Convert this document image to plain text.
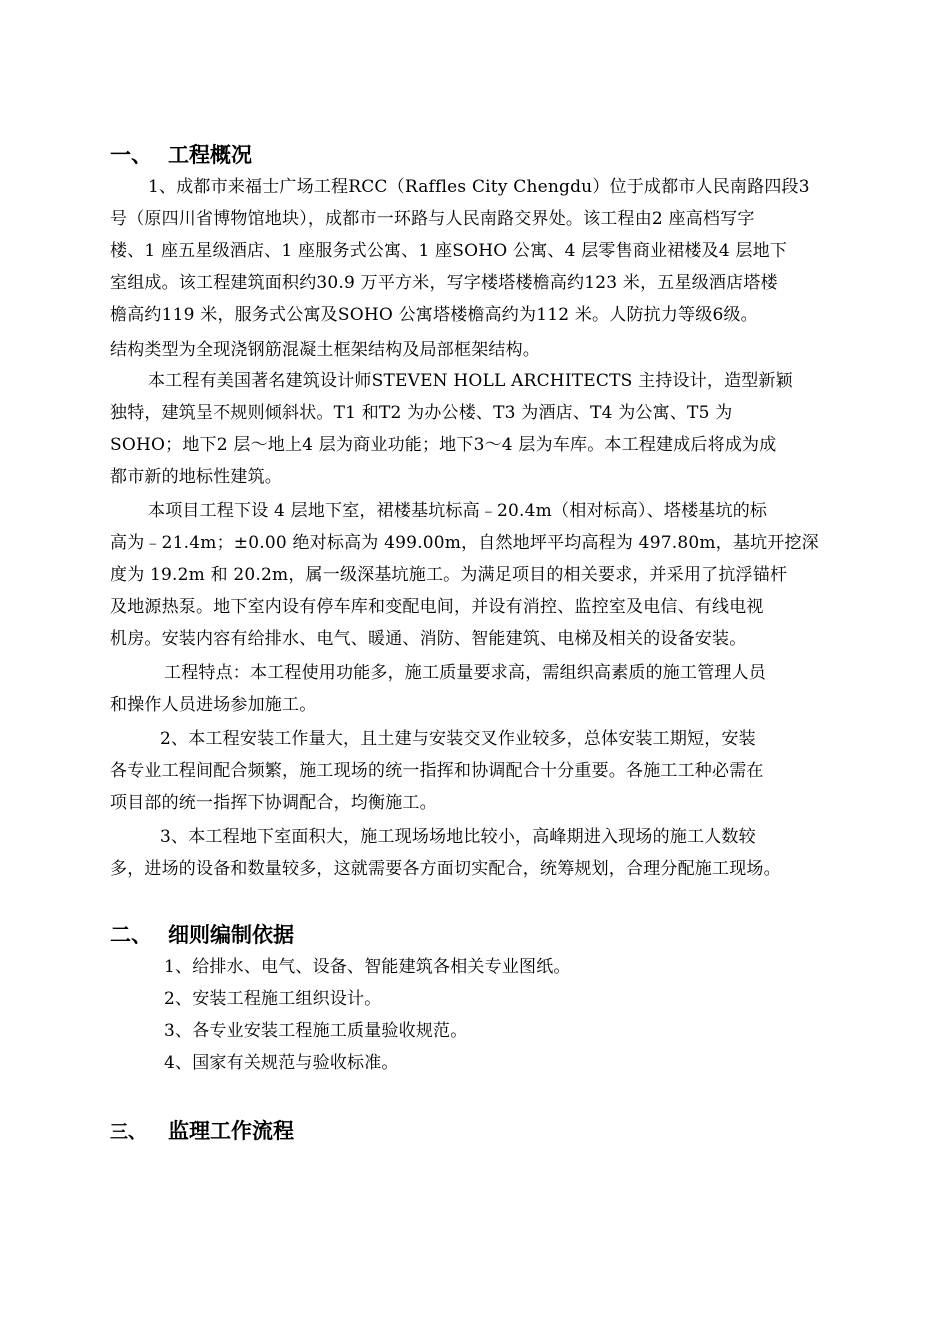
一、 工程概况
1、成都市来福士广场工程RCC（Raffles City Chengdu）位于成都市人民南路四段3
号（原四川省博物馆地块），成都市一环路与人民南路交界处。该工程由2 座高档写字
楼、1 座五星级酒店、1 座服务式公寓、1 座SOHO 公寓、4 层零售商业裙楼及4 层地下
室组成。该工程建筑面积约30.9 万平方米，写字楼塔楼檐高约123 米，五星级酒店塔楼
檐高约119 米，服务式公寓及SOHO 公寓塔楼檐高约为112 米。人防抗力等级6级。
结构类型为全现浇钢筋混凝土框架结构及局部框架结构。
本工程有美国著名建筑设计师STEVEN HOLL ARCHITECTS 主持设计，造型新颖
独特，建筑呈不规则倾斜状。T1 和T2 为办公楼、T3 为酒店、T4 为公寓、T5 为
SOHO；地下2 层～地上4 层为商业功能；地下3～4 层为车库。本工程建成后将成为成
都市新的地标性建筑。
本项目工程下设 4 层地下室，裙楼基坑标高﹣20.4m（相对标高）、塔楼基坑的标
高为﹣21.4m；±0.00 绝对标高为 499.00m，自然地坪平均高程为 497.80m，基坑开挖深
度为 19.2m 和 20.2m，属一级深基坑施工。为满足项目的相关要求，并采用了抗浮锚杆
及地源热泵。地下室内设有停车库和变配电间，并设有消控、监控室及电信、有线电视
机房。安装内容有给排水、电气、暖通、消防、智能建筑、电梯及相关的设备安装。
工程特点：本工程使用功能多，施工质量要求高，需组织高素质的施工管理人员
和操作人员进场参加施工。
2、本工程安装工作量大，且土建与安装交叉作业较多，总体安装工期短，安装
各专业工程间配合频繁，施工现场的统一指挥和协调配合十分重要。各施工工种必需在
项目部的统一指挥下协调配合，均衡施工。
3、本工程地下室面积大，施工现场场地比较小，高峰期进入现场的施工人数较
多，进场的设备和数量较多，这就需要各方面切实配合，统筹规划，合理分配施工现场。
二、 细则编制依据
1、给排水、电气、设备、智能建筑各相关专业图纸。
2、安装工程施工组织设计。
3、各专业安装工程施工质量验收规范。
4、国家有关规范与验收标准。
三、 监理工作流程
